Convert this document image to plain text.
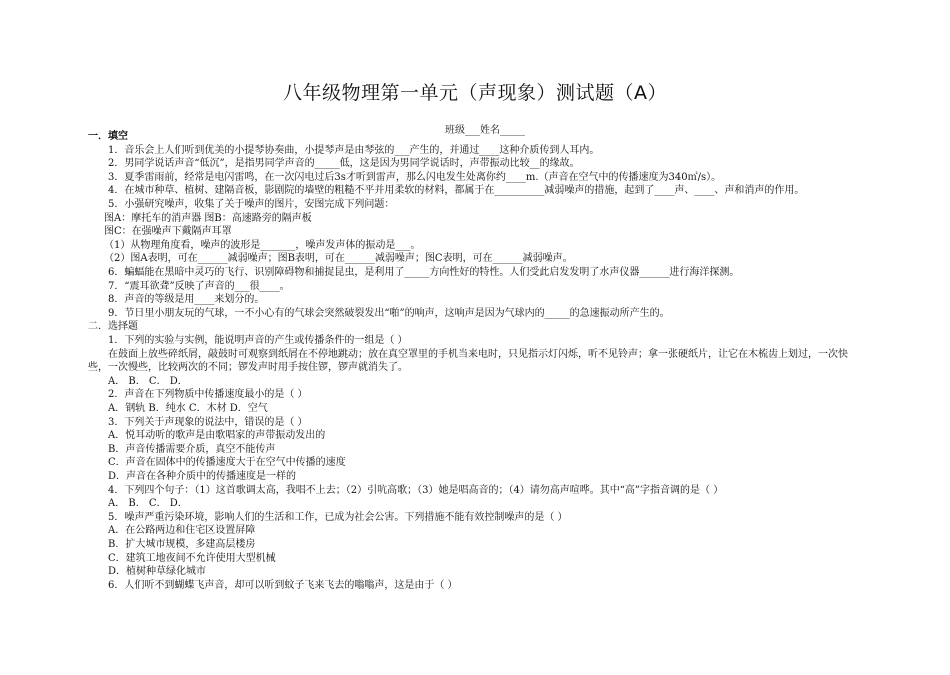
八年级物理第一单元（声现象）测试题（A）
班级___姓名_____
一．填空
1．音乐会上人们听到优美的小提琴协奏曲，小提琴声是由琴弦的___产生的，并通过____这种介质传到人耳内。
2．男同学说话声音“低沉”，是指男同学声音的_____低，这是因为男同学说话时，声带振动比较__的缘故。
3．夏季雷雨前，经常是电闪雷鸣，在一次闪电过后3s才听到雷声，那么闪电发生处离你约____m.（声音在空气中的传播速度为340㎡/s）。
4．在城市种草、植树、建隔音板，影剧院的墙壁的粗糙不平并用柔软的材料，都属于在__________减弱噪声的措施，起到了____声、____、声和消声的作用。
5．小强研究噪声，收集了关于噪声的图片，安图完成下列问题：
图A：摩托车的消声器 图B：高速路旁的隔声板
图C：在强噪声下戴隔声耳罩
（1）从物理角度看，噪声的波形是_______，噪声发声体的振动是___。
（2）图A表明，可在______减弱噪声；图B表明，可在______减弱噪声；图C表明，可在______减弱噪声。
6．蝙蝠能在黑暗中灵巧的飞行、识别障碍物和捕捉昆虫，是利用了_____方向性好的特性。人们受此启发发明了水声仪器______进行海洋探测。
7．“震耳欲聋”反映了声音的___很____。
8．声音的等级是用____来划分的。
9．节日里小朋友玩的气球，一不小心有的气球会突然破裂发出“啪”的响声，这响声是因为气球内的_____的急速振动所产生的。
二．选择题
1．下列的实验与实例，能说明声音的产生或传播条件的一组是（ ）
在鼓面上放些碎纸屑，敲鼓时可观察到纸屑在不停地跳动；放在真空罩里的手机当来电时，只见指示灯闪烁，听不见铃声；拿一张硬纸片，让它在木梳齿上划过，一次快
些，一次慢些，比较两次的不同；锣发声时用手按住锣，锣声就消失了。
A． B． C． D．
2．声音在下列物质中传播速度最小的是（ ）
A．钢轨 B．纯水 C．木材 D．空气
3．下列关于声现象的说法中，错误的是（ ）
A．悦耳动听的歌声是由歌唱家的声带振动发出的
B．声音传播需要介质，真空不能传声
C．声音在固体中的传播速度大于在空气中传播的速度
D．声音在各种介质中的传播速度是一样的
4．下列四个句子：（1）这首歌调太高，我唱不上去；（2）引吭高歌；（3）她是唱高音的；（4）请勿高声喧哗。其中“高”字指音调的是（ ）
A． B． C． D．
5．噪声严重污染环境，影响人们的生活和工作，已成为社会公害。下列措施不能有效控制噪声的是（ ）
A．在公路两边和住宅区设置屏障
B．扩大城市规模，多建高层楼房
C．建筑工地夜间不允许使用大型机械
D．植树种草绿化城市
6．人们听不到蝴蝶飞声音，却可以听到蚊子飞来飞去的嗡嗡声，这是由于（ ）
